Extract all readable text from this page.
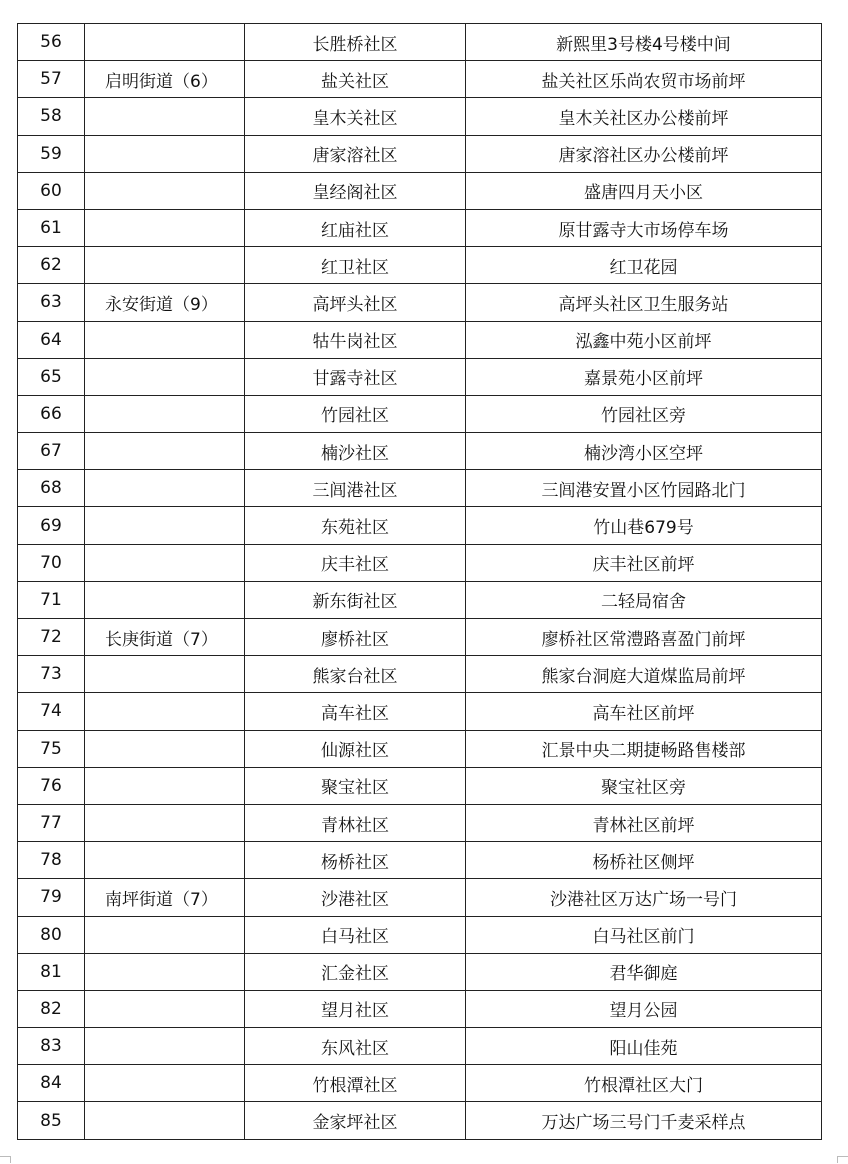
56		长胜桥社区	新熙里3号楼4号楼中间
57	启明街道（6）	盐关社区	盐关社区乐尚农贸市场前坪
58		皇木关社区	皇木关社区办公楼前坪
59		唐家溶社区	唐家溶社区办公楼前坪
60		皇经阁社区	盛唐四月天小区
61		红庙社区	原甘露寺大市场停车场
62		红卫社区	红卫花园
63	永安街道（9）	高坪头社区	高坪头社区卫生服务站
64		牯牛岗社区	泓鑫中苑小区前坪
65		甘露寺社区	嘉景苑小区前坪
66		竹园社区	竹园社区旁
67		楠沙社区	楠沙湾小区空坪
68		三闾港社区	三闾港安置小区竹园路北门
69		东苑社区	竹山巷679号
70		庆丰社区	庆丰社区前坪
71		新东街社区	二轻局宿舍
72	长庚街道（7）	廖桥社区	廖桥社区常澧路喜盈门前坪
73		熊家台社区	熊家台洞庭大道煤监局前坪
74		高车社区	高车社区前坪
75		仙源社区	汇景中央二期捷畅路售楼部
76		聚宝社区	聚宝社区旁
77		青林社区	青林社区前坪
78		杨桥社区	杨桥社区侧坪
79	南坪街道（7）	沙港社区	沙港社区万达广场一号门
80		白马社区	白马社区前门
81		汇金社区	君华御庭
82		望月社区	望月公园
83		东风社区	阳山佳苑
84		竹根潭社区	竹根潭社区大门
85		金家坪社区	万达广场三号门千麦采样点
